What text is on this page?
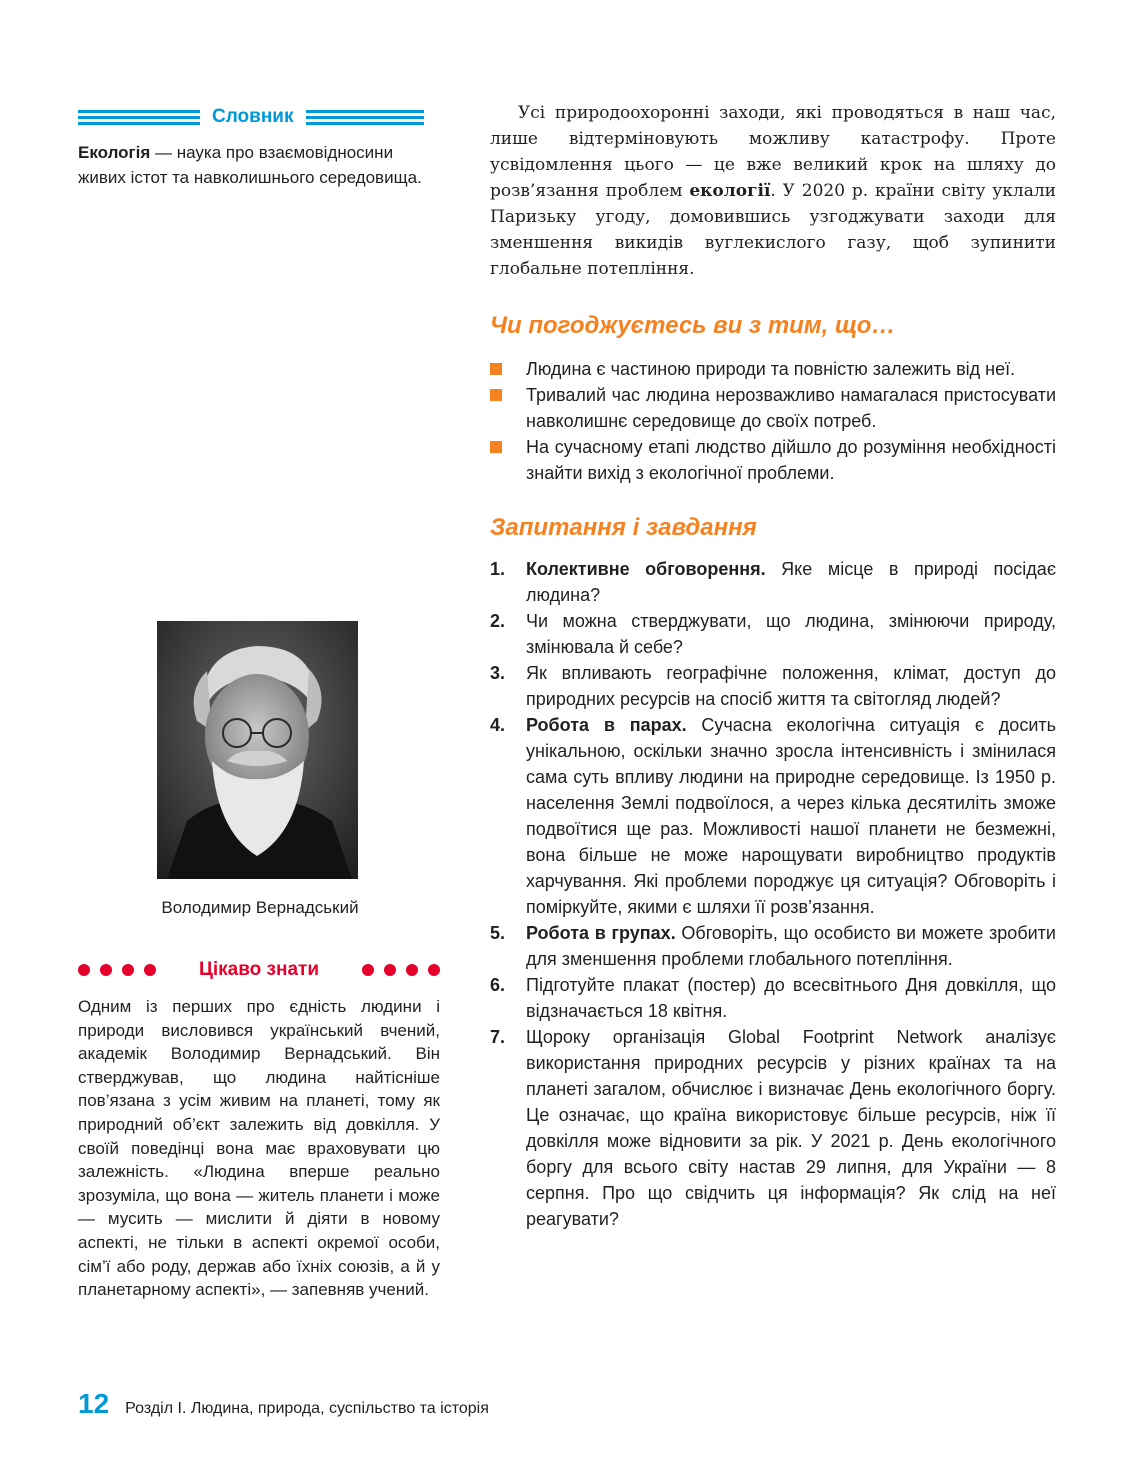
Словник
Екологія — наука про взаємовідносини живих істот та навколишнього середовища.
Володимир Вернадський
Цікаво знати
Одним із перших про єдність людини і природи висловився український вчений, академік Володимир Вернадський. Він стверджував, що людина найтісніше пов’язана з усім живим на планеті, тому як природний об’єкт залежить від довкілля. У своїй поведінці вона має враховувати цю залежність. «Людина вперше реально зрозуміла, що вона — житель планети і може — мусить — мислити й діяти в новому аспекті, не тільки в аспекті окремої особи, сім’ї або роду, держав або їхніх союзів, а й у планетарному аспекті», — запевняв учений.

Усі природоохоронні заходи, які проводяться в наш час, лише відтерміновують можливу катастрофу. Проте усвідомлення цього — це вже великий крок на шляху до розв’язання проблем екології. У 2020 р. країни світу уклали Паризьку угоду, домовившись узгоджувати заходи для зменшення викидів вуглекислого газу, щоб зупинити глобальне потепління.

Чи погоджуєтесь ви з тим, що…
Людина є частиною природи та повністю залежить від неї.
Тривалий час людина нерозважливо намагалася пристосувати навколишнє середовище до своїх потреб.
На сучасному етапі людство дійшло до розуміння необхідності знайти вихід з екологічної проблеми.
Запитання і завдання
1. Колективне обговорення. Яке місце в природі посідає людина?
2. Чи можна стверджувати, що людина, змінюючи природу, змінювала й себе?
3. Як впливають географічне положення, клімат, доступ до природних ресурсів на спосіб життя та світогляд людей?
4. Робота в парах. Сучасна екологічна ситуація є досить унікальною, оскільки значно зросла інтенсивність і змінилася сама суть впливу людини на природне середовище. Із 1950 р. населення Землі подвоїлося, а через кілька десятиліть зможе подвоїтися ще раз. Можливості нашої планети не безмежні, вона більше не може нарощувати виробництво продуктів харчування. Які проблеми породжує ця ситуація? Обговоріть і поміркуйте, якими є шляхи її розв’язання.
5. Робота в групах. Обговоріть, що особисто ви можете зробити для зменшення проблеми глобального потепління.
6. Підготуйте плакат (постер) до всесвітнього Дня довкілля, що відзначається 18 квітня.
7. Щороку організація Global Footprint Network аналізує використання природних ресурсів у різних країнах та на планеті загалом, обчислює і визначає День екологічного боргу. Це означає, що країна використовує більше ресурсів, ніж її довкілля може відновити за рік. У 2021 р. День екологічного боргу для всього світу настав 29 липня, для України — 8 серпня. Про що свідчить ця інформація? Як слід на неї реагувати?
12 Розділ І. Людина, природа, суспільство та історія
